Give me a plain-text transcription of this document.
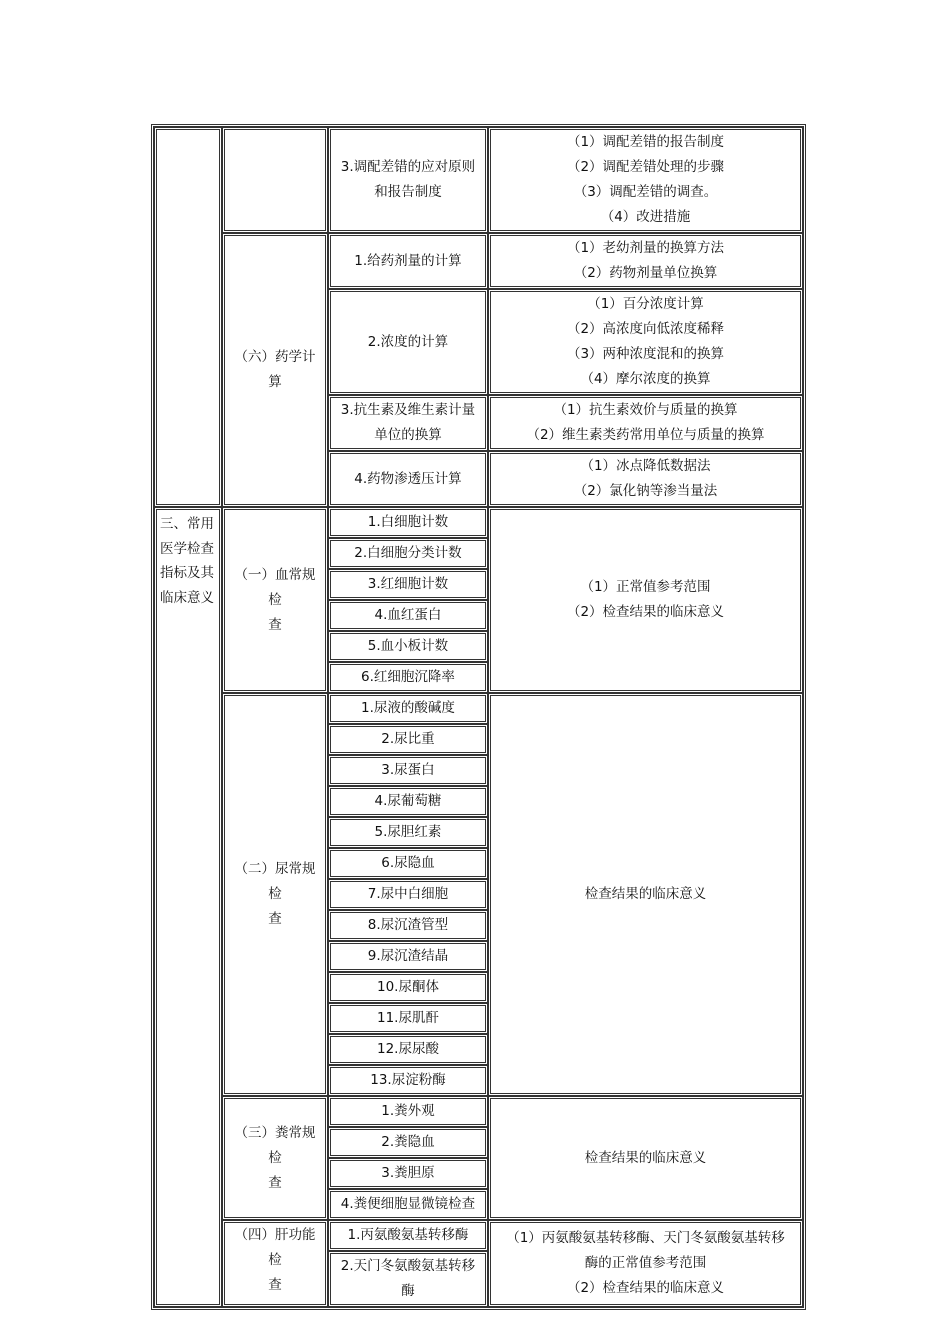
		3.调配差错的应对原则
和报告制度	（1）调配差错的报告制度
（2）调配差错处理的步骤
（3）调配差错的调查。
（4）改进措施

	（六）药学计算	1.给药剂量的计算	（1）老幼剂量的换算方法
（2）药物剂量单位换算

		2.浓度的计算	（1）百分浓度计算
（2）高浓度向低浓度稀释
（3）两种浓度混和的换算
（4）摩尔浓度的换算

		3.抗生素及维生素计量
单位的换算	（1）抗生素效价与质量的换算
（2）维生素类药常用单位与质量的换算

		4.药物渗透压计算	（1）冰点降低数据法
（2）氯化钠等渗当量法

三、常用
医学检查
指标及其
临床意义	（一）血常规检
查	1.白细胞计数	（1）正常值参考范围
（2）检查结果的临床意义

		2.白细胞分类计数	
		3.红细胞计数	
		4.血红蛋白	
		5.血小板计数	
		6.红细胞沉降率	

	（二）尿常规检
查	1.尿液的酸碱度	检查结果的临床意义
		2.尿比重	
		3.尿蛋白	
		4.尿葡萄糖	
		5.尿胆红素	
		6.尿隐血	
		7.尿中白细胞	
		8.尿沉渣管型	
		9.尿沉渣结晶	
		10.尿酮体	
		11.尿肌酐	
		12.尿尿酸	
		13.尿淀粉酶	

	（三）粪常规检
查	1.粪外观	检查结果的临床意义
		2.粪隐血	
		3.粪胆原	
		4.粪便细胞显微镜检查	

	（四）肝功能检
查	1.丙氨酸氨基转移酶	（1）丙氨酸氨基转移酶、天门冬氨酸氨基转移
酶的正常值参考范围
（2）检查结果的临床意义

		2.天门冬氨酸氨基转移
酶	
